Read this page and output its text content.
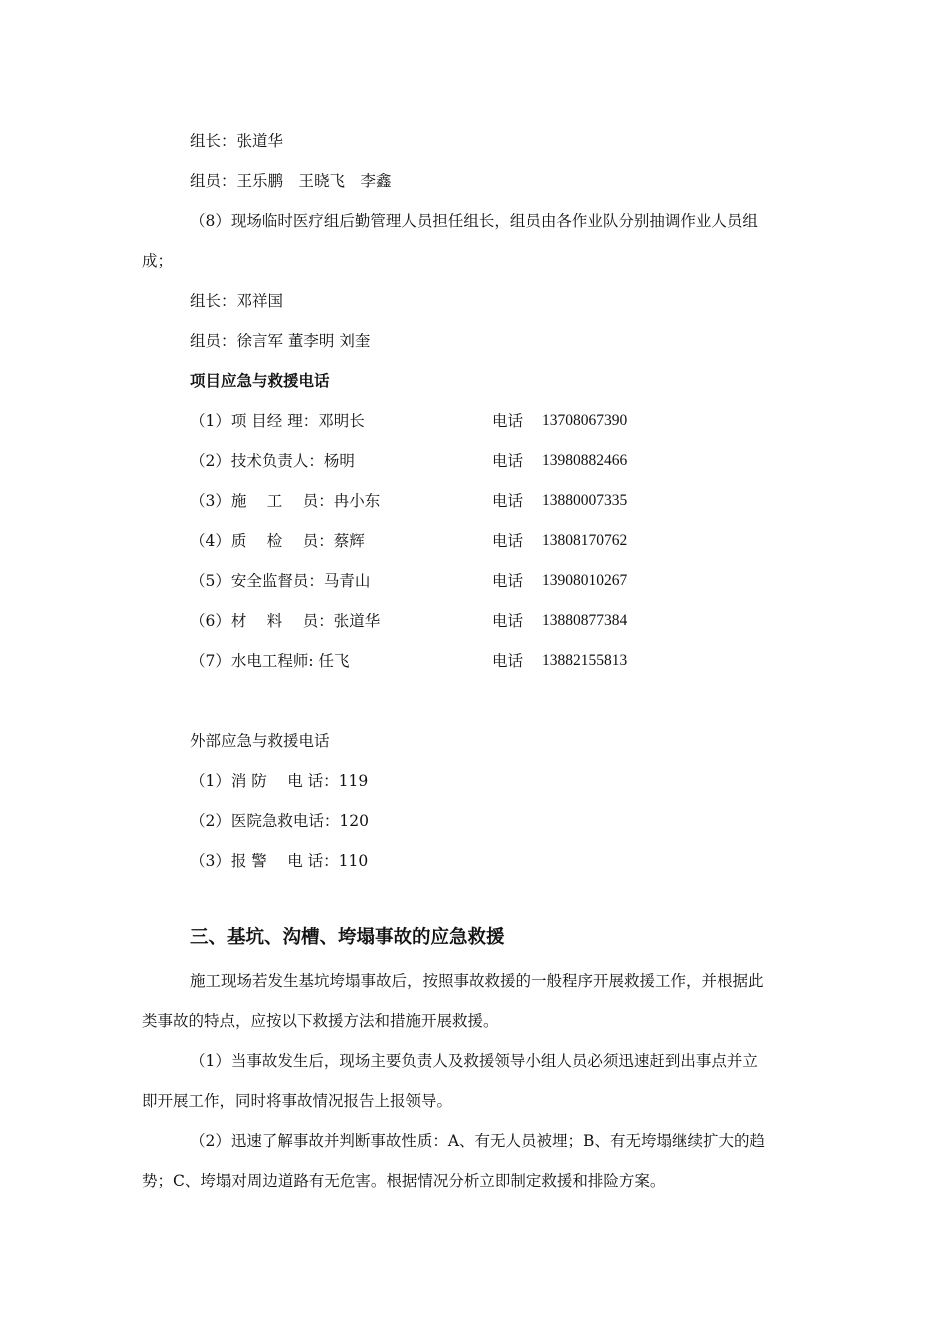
组长：张道华
组员：王乐鹏　王晓飞　李鑫
（8）现场临时医疗组后勤管理人员担任组长，组员由各作业队分别抽调作业人员组
成；
组长：邓祥国
组员：徐言军 董李明 刘奎
项目应急与救援电话
（1）项 目经 理：邓明长	电话 13708067390
（2）技术负责人：杨明	电话 13980882466
（3）施　 工　 员：冉小东	电话 13880007335
（4）质　 检　 员：蔡辉	电话 13808170762
（5）安全监督员：马青山	电话 13908010267
（6）材　 料　 员：张道华	电话 13880877384
（7）水电工程师: 任飞	电话 13882155813
外部应急与救援电话
（1）消 防　 电 话：119
（2）医院急救电话：120
（3）报 警　 电 话：110
三、基坑、沟槽、垮塌事故的应急救援
施工现场若发生基坑垮塌事故后，按照事故救援的一般程序开展救援工作，并根据此
类事故的特点，应按以下救援方法和措施开展救援。
（1）当事故发生后，现场主要负责人及救援领导小组人员必须迅速赶到出事点并立
即开展工作，同时将事故情况报告上报领导。
（2）迅速了解事故并判断事故性质：A、有无人员被埋；B、有无垮塌继续扩大的趋
势；C、垮塌对周边道路有无危害。根据情况分析立即制定救援和排险方案。
